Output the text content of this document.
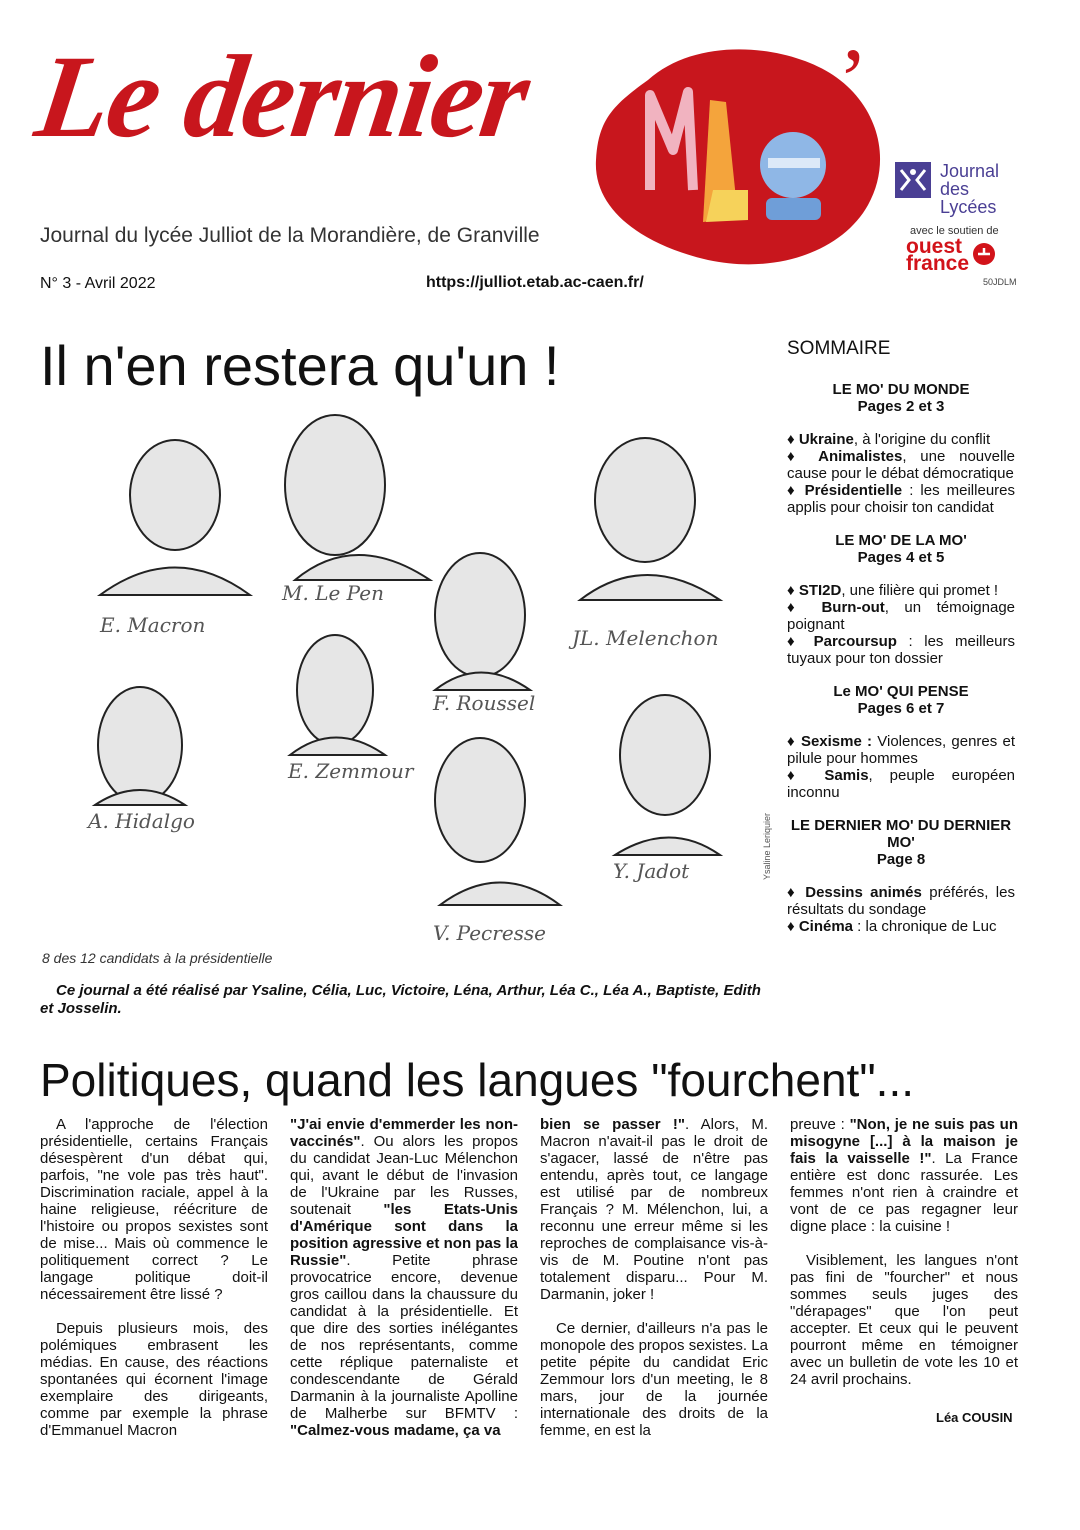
Le dernier	Mo' ’
Journal du lycée Julliot de la Morandière, de Granville
N° 3 - Avril 2022	https://julliot.etab.ac-caen.fr/
Journal des Lycées
avec le soutien de
ouest france
50JDLM
Il n'en restera qu'un !
E. Macron
M. Le Pen
F. Roussel
JL. Melenchon
E. Zemmour
A. Hidalgo
V. Pecresse
Y. Jadot	Ysaline Leriquier
8 des 12 candidats à la présidentielle
Ce journal a été réalisé par Ysaline, Célia, Luc, Victoire, Léna, Arthur, Léa C., Léa A., Baptiste, Edith et Josselin.
SOMMAIRE
LE MO' DU MONDE
Pages 2 et 3

♦ Ukraine, à l'origine du conflit

♦ Animalistes, une nouvelle cause pour le débat démocratique

♦ Présidentielle : les meilleures applis pour choisir ton candidat

LE MO' DE LA MO'
Pages 4 et 5

♦ STI2D, une filière qui promet !

♦ Burn-out, un témoignage poignant

♦ Parcoursup : les meilleurs tuyaux pour ton dossier

Le MO' QUI PENSE
Pages 6 et 7

♦ Sexisme : Violences, genres et pilule pour hommes

♦ Samis, peuple européen inconnu

LE DERNIER MO' DU DERNIER MO'
Page 8

♦ Dessins animés préférés, les résultats du sondage

♦ Cinéma : la chronique de Luc

Politiques, quand les langues "fourchent"...

A l'approche de l'élection présidentielle, certains Français désespèrent d'un débat qui, parfois, "ne vole pas très haut". Discrimination raciale, appel à la haine religieuse, réécriture de l'histoire ou propos sexistes sont de mise... Mais où commence le politiquement correct ? Le langage politique doit-il nécessairement être lissé ?

Depuis plusieurs mois, des polémiques embrasent les médias. En cause, des réactions spontanées qui écornent l'image exemplaire des dirigeants, comme par exemple la phrase d'Emmanuel Macron

"J'ai envie d'emmerder les non-vaccinés". Ou alors les propos du candidat Jean-Luc Mélenchon qui, avant le début de l'invasion de l'Ukraine par les Russes, soutenait "les Etats-Unis d'Amérique sont dans la position agressive et non pas la Russie". Petite phrase provocatrice encore, devenue gros caillou dans la chaussure du candidat à la présidentielle. Et que dire des sorties inélégantes de nos représentants, comme cette réplique paternaliste et condescendante de Gérald Darmanin à la journaliste Apolline de Malherbe sur BFMTV : "Calmez-vous madame, ça va

bien se passer !". Alors, M. Macron n'avait-il pas le droit de s'agacer, lassé de n'être pas entendu, après tout, ce langage est utilisé par de nombreux Français ? M. Mélenchon, lui, a reconnu une erreur même si les reproches de complaisance vis-à-vis de M. Poutine n'ont pas totalement disparu... Pour M. Darmanin, joker !

Ce dernier, d'ailleurs n'a pas le monopole des propos sexistes. La petite pépite du candidat Eric Zemmour lors d'un meeting, le 8 mars, jour de la journée internationale des droits de la femme, en est la

preuve : "Non, je ne suis pas un misogyne [...] à la maison je fais la vaisselle !". La France entière est donc rassurée. Les femmes n'ont rien à craindre et vont de ce pas regagner leur digne place : la cuisine !

Visiblement, les langues n'ont pas fini de "fourcher" et nous sommes seuls juges des "dérapages" que l'on peut accepter. Et ceux qui le peuvent pourront même en témoigner avec un bulletin de vote les 10 et 24 avril prochains.

Léa COUSIN
